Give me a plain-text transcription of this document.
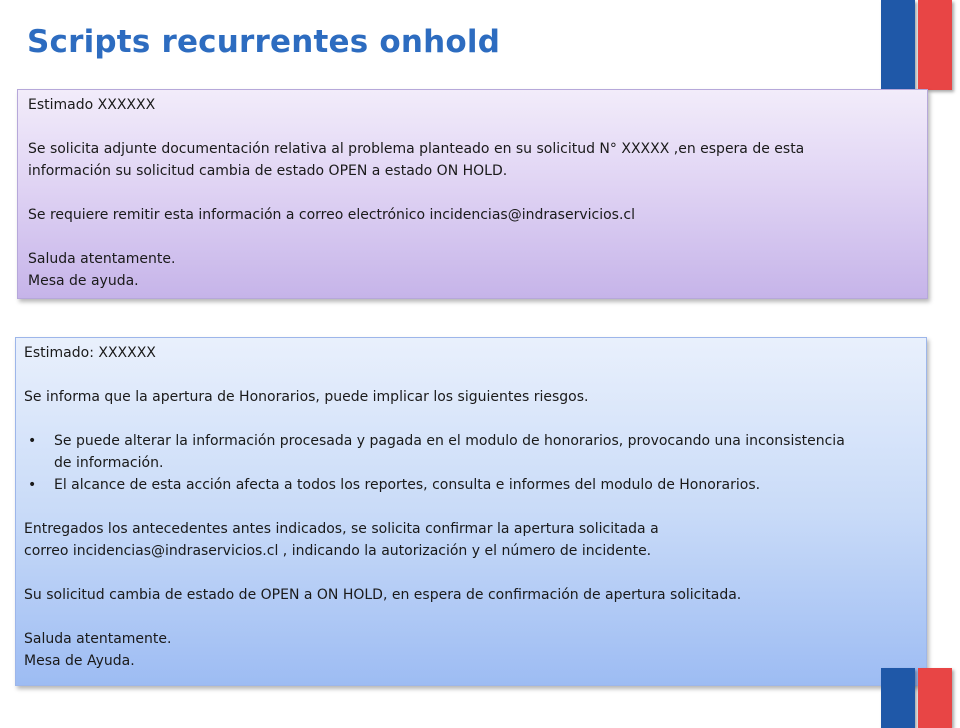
Scripts recurrentes onhold
Estimado XXXXXX
Se solicita adjunte documentación relativa al problema planteado en su solicitud N° XXXXX ,en espera de esta
información su solicitud cambia de estado OPEN a estado ON HOLD.
Se requiere remitir esta información a correo electrónico incidencias@indraservicios.cl
Saluda atentamente.
Mesa de ayuda.
Estimado: XXXXXX
Se informa que la apertura de Honorarios, puede implicar los siguientes riesgos.
• Se puede alterar la información procesada y pagada en el modulo de honorarios, provocando una inconsistencia
de información.
• El alcance de esta acción afecta a todos los reportes, consulta e informes del modulo de Honorarios.
Entregados los antecedentes antes indicados, se solicita confirmar la apertura solicitada a
correo incidencias@indraservicios.cl , indicando la autorización y el número de incidente.
Su solicitud cambia de estado de OPEN a ON HOLD, en espera de confirmación de apertura solicitada.
Saluda atentamente.
Mesa de Ayuda.
